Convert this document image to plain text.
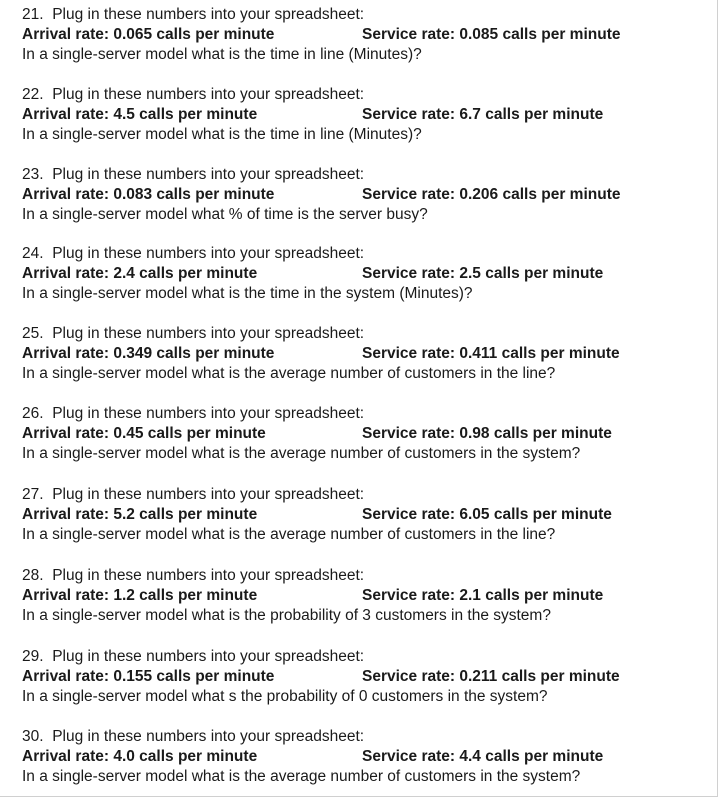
21. Plug in these numbers into your spreadsheet:
Arrival rate: 0.065 calls per minute	Service rate: 0.085 calls per minute
In a single-server model what is the time in line (Minutes)?
22. Plug in these numbers into your spreadsheet:
Arrival rate: 4.5 calls per minute	Service rate: 6.7 calls per minute
In a single-server model what is the time in line (Minutes)?
23. Plug in these numbers into your spreadsheet:
Arrival rate: 0.083 calls per minute	Service rate: 0.206 calls per minute
In a single-server model what % of time is the server busy?
24. Plug in these numbers into your spreadsheet:
Arrival rate: 2.4 calls per minute	Service rate: 2.5 calls per minute
In a single-server model what is the time in the system (Minutes)?
25. Plug in these numbers into your spreadsheet:
Arrival rate: 0.349 calls per minute	Service rate: 0.411 calls per minute
In a single-server model what is the average number of customers in the line?
26. Plug in these numbers into your spreadsheet:
Arrival rate: 0.45 calls per minute	Service rate: 0.98 calls per minute
In a single-server model what is the average number of customers in the system?
27. Plug in these numbers into your spreadsheet:
Arrival rate: 5.2 calls per minute	Service rate: 6.05 calls per minute
In a single-server model what is the average number of customers in the line?
28. Plug in these numbers into your spreadsheet:
Arrival rate: 1.2 calls per minute	Service rate: 2.1 calls per minute
In a single-server model what is the probability of 3 customers in the system?
29. Plug in these numbers into your spreadsheet:
Arrival rate: 0.155 calls per minute	Service rate: 0.211 calls per minute
In a single-server model what s the probability of 0 customers in the system?
30. Plug in these numbers into your spreadsheet:
Arrival rate: 4.0 calls per minute	Service rate: 4.4 calls per minute
In a single-server model what is the average number of customers in the system?
